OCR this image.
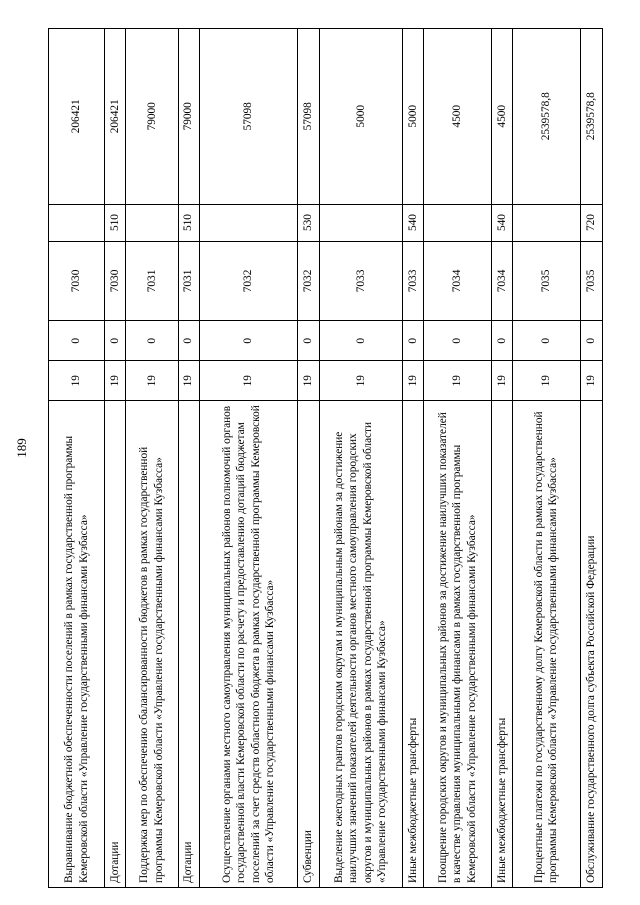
189	Выравнивание бюджетной обеспеченности поселений в рамках государственной программы Кемеровской области «Управление государственными финансами Кузбасса»
19
0
7030
206421
Дотации
19
0
7030
510
206421
Поддержка мер по обеспечению сбалансированности бюджетов в рамках государственной программы Кемеровской области «Управление государственными финансами Кузбасса»
19
0
7031
79000
Дотации
19
0
7031
510
79000
Осуществление органами местного самоуправления муниципальных районов полномочий органов государственной власти Кемеровской области по расчету и предоставлению дотаций бюджетам поселений за счет средств областного бюджета в рамках государственной программы Кемеровской области «Управление государственными финансами Кузбасса»
19
0
7032
57098
Субвенции
19
0
7032
530
57098
Выделение ежегодных грантов городским округам и муниципальным районам за достижение наилучших значений показателей деятельности органов местного самоуправления городских округов и муниципальных районов в рамках государственной программы Кемеровской области «Управление государственными финансами Кузбасса»
19
0
7033
5000
Иные межбюджетные трансферты
19
0
7033
540
5000
Поощрение городских округов и муниципальных районов за достижение наилучших показателей в качестве управления муниципальными финансами в рамках государственной программы Кемеровской области «Управление государственными финансами Кузбасса»
19
0
7034
4500
Иные межбюджетные трансферты
19
0
7034
540
4500
Процентные платежи по государственному долгу Кемеровской области в рамках государственной программы Кемеровской области «Управление государственными финансами Кузбасса»
19
0
7035
2539578,8
Обслуживание государственного долга субъекта Российской Федерации
19
0
7035
720
2539578,8
